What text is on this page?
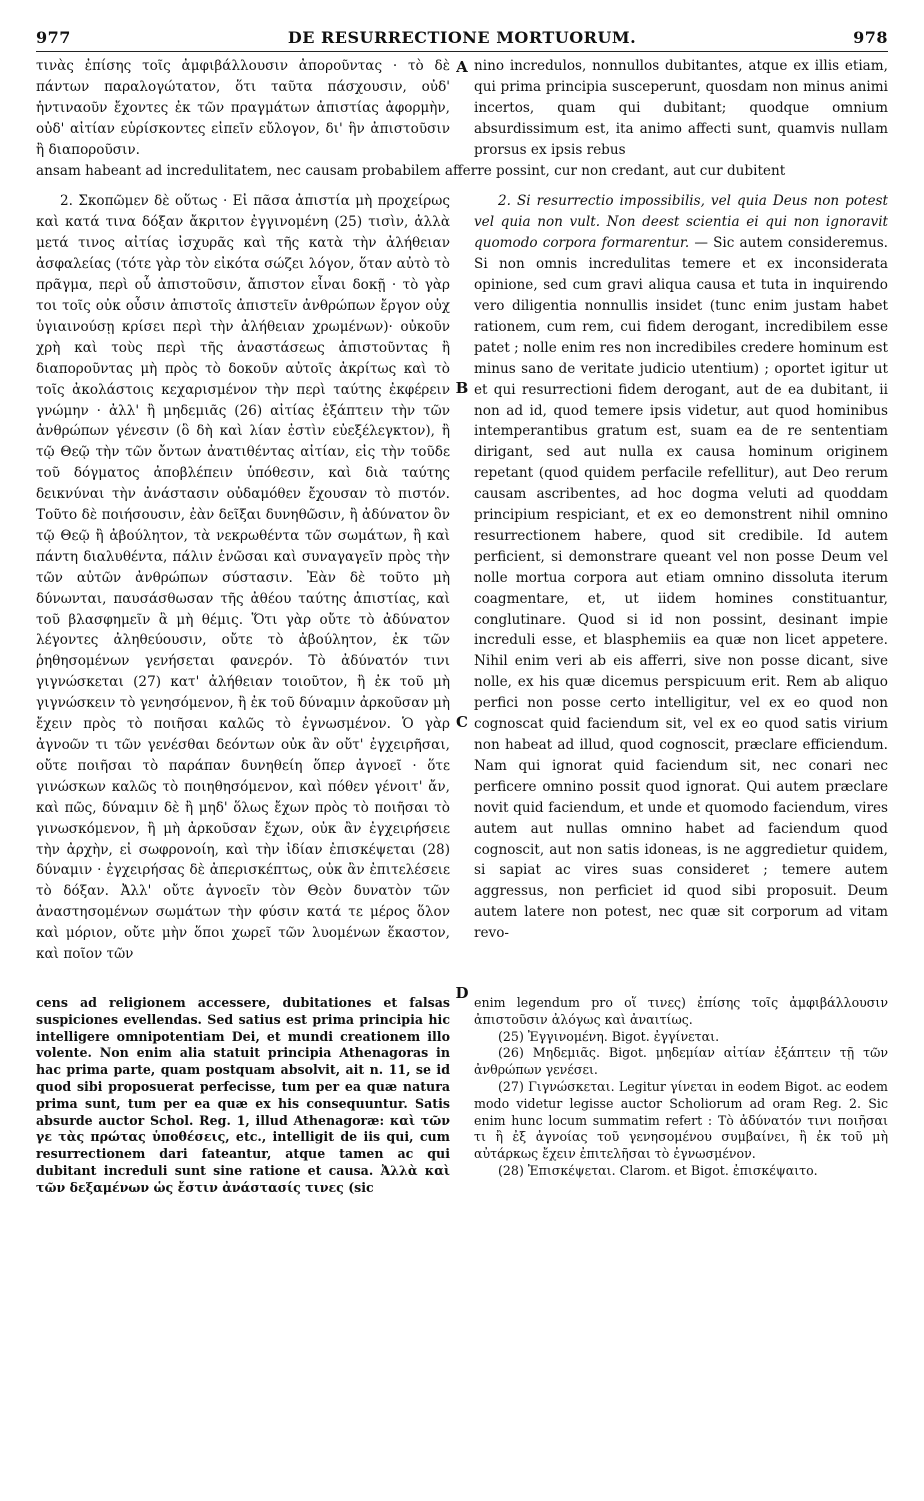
977	DE RESURRECTIONE MORTUORUM.	978

τινὰς ἐπίσης τοῖς ἀμφιβάλλουσιν ἀποροῦντας · τὸ δὲ πάντων παραλογώτατον, ὅτι ταῦτα πάσχουσιν, οὐδ' ἡντιναοῦν ἔχοντες ἐκ τῶν πραγμάτων ἀπιστίας ἀφορμὴν, οὐδ' αἰτίαν εὑρίσκοντες εἰπεῖν εὔλογον, δι' ἣν ἀπιστοῦσιν ἢ διαποροῦσιν.

A nino incredulos, nonnullos dubitantes, atque ex illis etiam, qui prima principia susceperunt, quosdam non minus animi incertos, quam qui dubitant; quodque omnium absurdissimum est, ita animo affecti sunt, quamvis nullam prorsus ex ipsis rebus

ansam habeant ad incredulitatem, nec causam probabilem afferre possint, cur non credant, aut cur dubitent

2. Σκοπῶμεν δὲ οὕτως · Εἰ πᾶσα ἀπιστία μὴ προχείρως καὶ κατά τινα δόξαν ἄκριτον ἐγγινομένη (25) τισὶν, ἀλλὰ μετά τινος αἰτίας ἰσχυρᾶς καὶ τῆς κατὰ τὴν ἀλήθειαν ἀσφαλείας (τότε γὰρ τὸν εἰκότα σώζει λόγον, ὅταν αὐτὸ τὸ πρᾶγμα, περὶ οὗ ἀπιστοῦσιν, ἄπιστον εἶναι δοκῇ · τὸ γὰρ τοι τοῖς οὐκ οὖσιν ἀπιστοῖς ἀπιστεῖν ἀνθρώπων ἔργον οὐχ ὑγιαινούσῃ κρίσει περὶ τὴν ἀλήθειαν χρωμένων)· οὐκοῦν χρὴ καὶ τοὺς περὶ τῆς ἀναστάσεως ἀπιστοῦντας ἢ διαποροῦντας μὴ πρὸς τὸ δοκοῦν αὐτοῖς ἀκρίτως καὶ τὸ τοῖς ἀκολάστοις κεχαρισμένον τὴν περὶ ταύτης ἐκφέρειν γνώμην · ἀλλ' ἢ μηδεμιᾶς (26) αἰτίας ἐξάπτειν τὴν τῶν ἀνθρώπων γένεσιν (ὃ δὴ καὶ λίαν ἐστὶν εὐεξέλεγκτον), ἢ τῷ Θεῷ τὴν τῶν ὄντων ἀνατιθέντας αἰτίαν, εἰς τὴν τοῦδε τοῦ δόγματος ἀποβλέπειν ὑπόθεσιν, καὶ διὰ ταύτης δεικνύναι τὴν ἀνάστασιν οὐδαμόθεν ἔχουσαν τὸ πιστόν. Τοῦτο δὲ ποιήσουσιν, ἐὰν δεῖξαι δυνηθῶσιν, ἢ ἀδύνατον ὂν τῷ Θεῷ ἢ ἀβούλητον, τὰ νεκρωθέντα τῶν σωμάτων, ἢ καὶ πάντη διαλυθέντα, πάλιν ἑνῶσαι καὶ συναγαγεῖν πρὸς τὴν τῶν αὐτῶν ἀνθρώπων σύστασιν. Ἐὰν δὲ τοῦτο μὴ δύνωνται, παυσάσθωσαν τῆς ἀθέου ταύτης ἀπιστίας, καὶ τοῦ βλασφημεῖν ἃ μὴ θέμις. Ὅτι γὰρ οὔτε τὸ ἀδύνατον λέγοντες ἀληθεύουσιν, οὔτε τὸ ἀβούλητον, ἐκ τῶν ῥηθησομένων γενήσεται φανερόν. Τὸ ἀδύνατόν τινι γιγνώσκεται (27) κατ' ἀλήθειαν τοιοῦτον, ἢ ἐκ τοῦ μὴ γιγνώσκειν τὸ γενησόμενον, ἢ ἐκ τοῦ δύναμιν ἀρκοῦσαν μὴ ἔχειν πρὸς τὸ ποιῆσαι καλῶς τὸ ἐγνωσμένον. Ὁ γὰρ ἀγνοῶν τι τῶν γενέσθαι δεόντων οὐκ ἂν οὔτ' ἐγχειρῆσαι, οὔτε ποιῆσαι τὸ παράπαν δυνηθείη ὅπερ ἀγνοεῖ · ὅτε γινώσκων καλῶς τὸ ποιηθησόμενον, καὶ πόθεν γένοιτ' ἄν, καὶ πῶς, δύναμιν δὲ ἢ μηδ' ὅλως ἔχων πρὸς τὸ ποιῆσαι τὸ γινωσκόμενον, ἢ μὴ ἀρκοῦσαν ἔχων, οὐκ ἂν ἐγχειρήσειε τὴν ἀρχὴν, εἰ σωφρονοίη, καὶ τὴν ἰδίαν ἐπισκέψεται (28) δύναμιν · ἐγχειρήσας δὲ ἀπερισκέπτως, οὐκ ἂν ἐπιτελέσειε τὸ δόξαν. Ἀλλ' οὔτε ἀγνοεῖν τὸν Θεὸν δυνατὸν τῶν ἀναστησομένων σωμάτων τὴν φύσιν κατά τε μέρος ὅλον καὶ μόριον, οὔτε μὴν ὅποι χωρεῖ τῶν λυομένων ἕκαστον, καὶ ποῖον τῶν

B
C
D

2. Si resurrectio impossibilis, vel quia Deus non potest vel quia non vult. Non deest scientia ei qui non ignoravit quomodo corpora formarentur. — Sic autem consideremus. Si non omnis incredulitas temere et ex inconsiderata opinione, sed cum gravi aliqua causa et tuta in inquirendo vero diligentia nonnullis insidet (tunc enim justam habet rationem, cum rem, cui fidem derogant, incredibilem esse patet ; nolle enim res non incredibiles credere hominum est minus sano de veritate judicio utentium) ; oportet igitur ut et qui resurrectioni fidem derogant, aut de ea dubitant, ii non ad id, quod temere ipsis videtur, aut quod hominibus intemperantibus gratum est, suam ea de re sententiam dirigant, sed aut nulla ex causa hominum originem repetant (quod quidem perfacile refellitur), aut Deo rerum causam ascribentes, ad hoc dogma veluti ad quoddam principium respiciant, et ex eo demonstrent nihil omnino resurrectionem habere, quod sit credibile. Id autem perficient, si demonstrare queant vel non posse Deum vel nolle mortua corpora aut etiam omnino dissoluta iterum coagmentare, et, ut iidem homines constituantur, conglutinare. Quod si id non possint, desinant impie increduli esse, et blasphemiis ea quæ non licet appetere. Nihil enim veri ab eis afferri, sive non posse dicant, sive nolle, ex his quæ dicemus perspicuum erit. Rem ab aliquo perfici non posse certo intelligitur, vel ex eo quod non cognoscat quid faciendum sit, vel ex eo quod satis virium non habeat ad illud, quod cognoscit, præclare efficiendum. Nam qui ignorat quid faciendum sit, nec conari nec perficere omnino possit quod ignorat. Qui autem præclare novit quid faciendum, et unde et quomodo faciendum, vires autem aut nullas omnino habet ad faciendum quod cognoscit, aut non satis idoneas, is ne aggredietur quidem, si sapiat ac vires suas consideret ; temere autem aggressus, non perficiet id quod sibi proposuit. Deum autem latere non potest, nec quæ sit corporum ad vitam revo-

cens ad religionem accessere, dubitationes et falsas suspiciones evellendas. Sed satius est prima principia hic intelligere omnipotentiam Dei, et mundi creationem illo volente. Non enim alia statuit principia Athenagoras in hac prima parte, quam postquam absolvit, ait n. 11, se id quod sibi proposuerat perfecisse, tum per ea quæ natura prima sunt, tum per ea quæ ex his consequuntur. Satis absurde auctor Schol. Reg. 1, illud Athenagoræ: καὶ τῶν γε τὰς πρώτας ὑποθέσεις, etc., intelligit de iis qui, cum resurrectionem dari fateantur, atque tamen ac qui dubitant increduli sunt sine ratione et causa. Ἀλλὰ καὶ τῶν δεξαμένων ὡς ἔστιν ἀνάστασίς τινες (sic

enim legendum pro οἵ τινες) ἐπίσης τοῖς ἀμφιβάλλουσιν ἀπιστοῦσιν ἀλόγως καὶ ἀναιτίως.

(25) Ἐγγινομένη. Bigot. ἐγγίνεται.

(26) Μηδεμιᾶς. Bigot. μηδεμίαν αἰτίαν ἐξάπτειν τῇ τῶν ἀνθρώπων γενέσει.

(27) Γιγνώσκεται. Legitur γίνεται in eodem Bigot. ac eodem modo videtur legisse auctor Scholiorum ad oram Reg. 2. Sic enim hunc locum summatim refert : Τὸ ἀδύνατόν τινι ποιῆσαι τι ἢ ἐξ ἀγνοίας τοῦ γενησομένου συμβαίνει, ἢ ἐκ τοῦ μὴ αὐτάρκως ἔχειν ἐπιτελῆσαι τὸ ἐγνωσμένον.

(28) Ἐπισκέψεται. Clarom. et Bigot. ἐπισκέψαιτο.
